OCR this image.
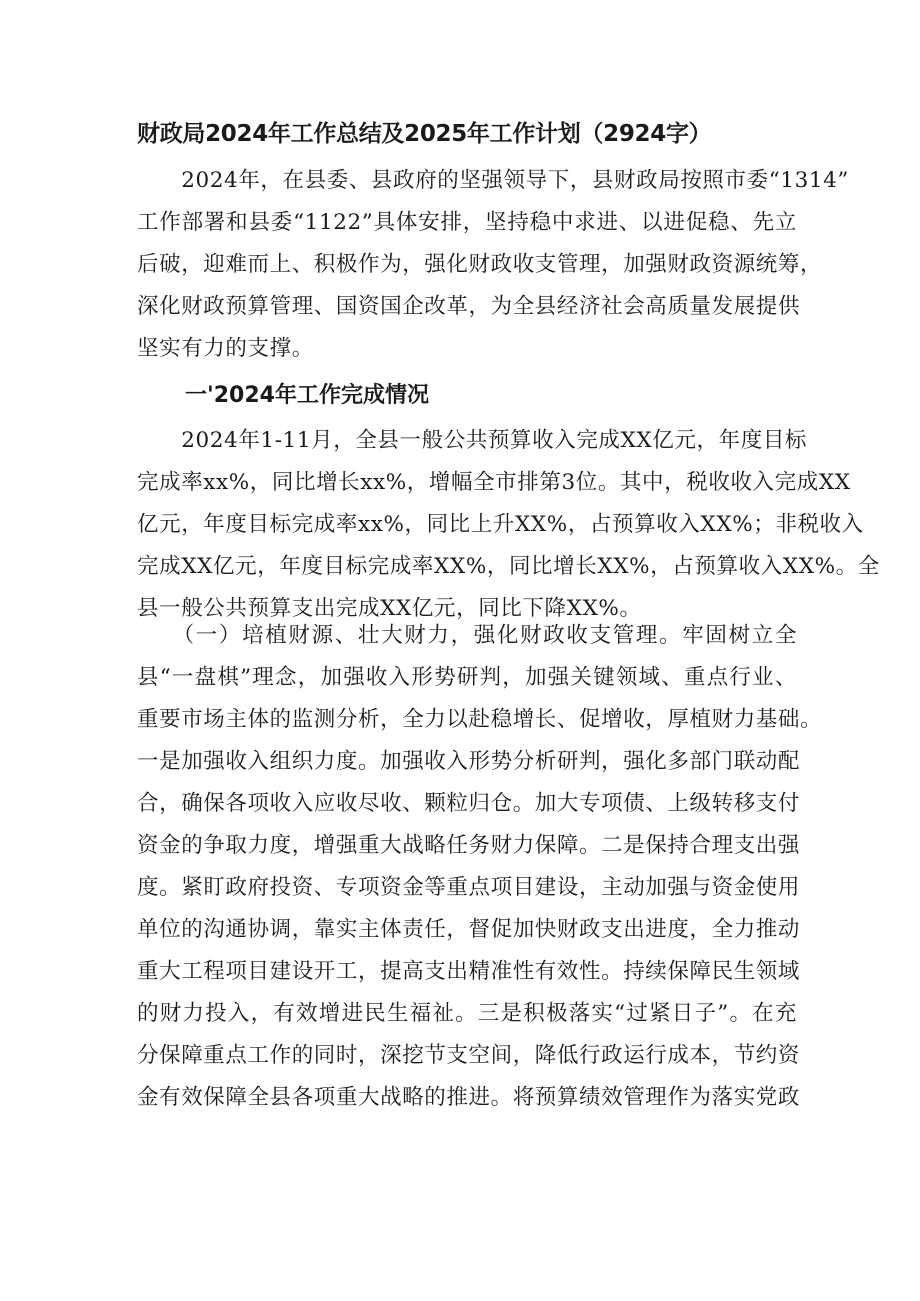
财政局2024年工作总结及2025年工作计划（2924字）
　　2024年，在县委、县政府的坚强领导下，县财政局按照市委“1314”
工作部署和县委“1122”具体安排，坚持稳中求进、以进促稳、先立
后破，迎难而上、积极作为，强化财政收支管理，加强财政资源统筹，
深化财政预算管理、国资国企改革，为全县经济社会高质量发展提供
坚实有力的支撑。
一'2024年工作完成情况
　　2024年1-11月，全县一般公共预算收入完成XX亿元，年度目标
完成率xx%，同比增长xx%，增幅全市排第3位。其中，税收收入完成XX
亿元，年度目标完成率xx%，同比上升XX%，占预算收入XX%；非税收入
完成XX亿元，年度目标完成率XX%，同比增长XX%，占预算收入XX%。全
县一般公共预算支出完成XX亿元，同比下降XX%。
　　（一）培植财源、壮大财力，强化财政收支管理。牢固树立全
县“一盘棋”理念，加强收入形势研判，加强关键领域、重点行业、
重要市场主体的监测分析，全力以赴稳增长、促增收，厚植财力基础。
一是加强收入组织力度。加强收入形势分析研判，强化多部门联动配
合，确保各项收入应收尽收、颗粒归仓。加大专项债、上级转移支付
资金的争取力度，增强重大战略任务财力保障。二是保持合理支出强
度。紧盯政府投资、专项资金等重点项目建设，主动加强与资金使用
单位的沟通协调，靠实主体责任，督促加快财政支出进度，全力推动
重大工程项目建设开工，提高支出精准性有效性。持续保障民生领域
的财力投入，有效增进民生福祉。三是积极落实“过紧日子”。在充
分保障重点工作的同时，深挖节支空间，降低行政运行成本，节约资
金有效保障全县各项重大战略的推进。将预算绩效管理作为落实党政
